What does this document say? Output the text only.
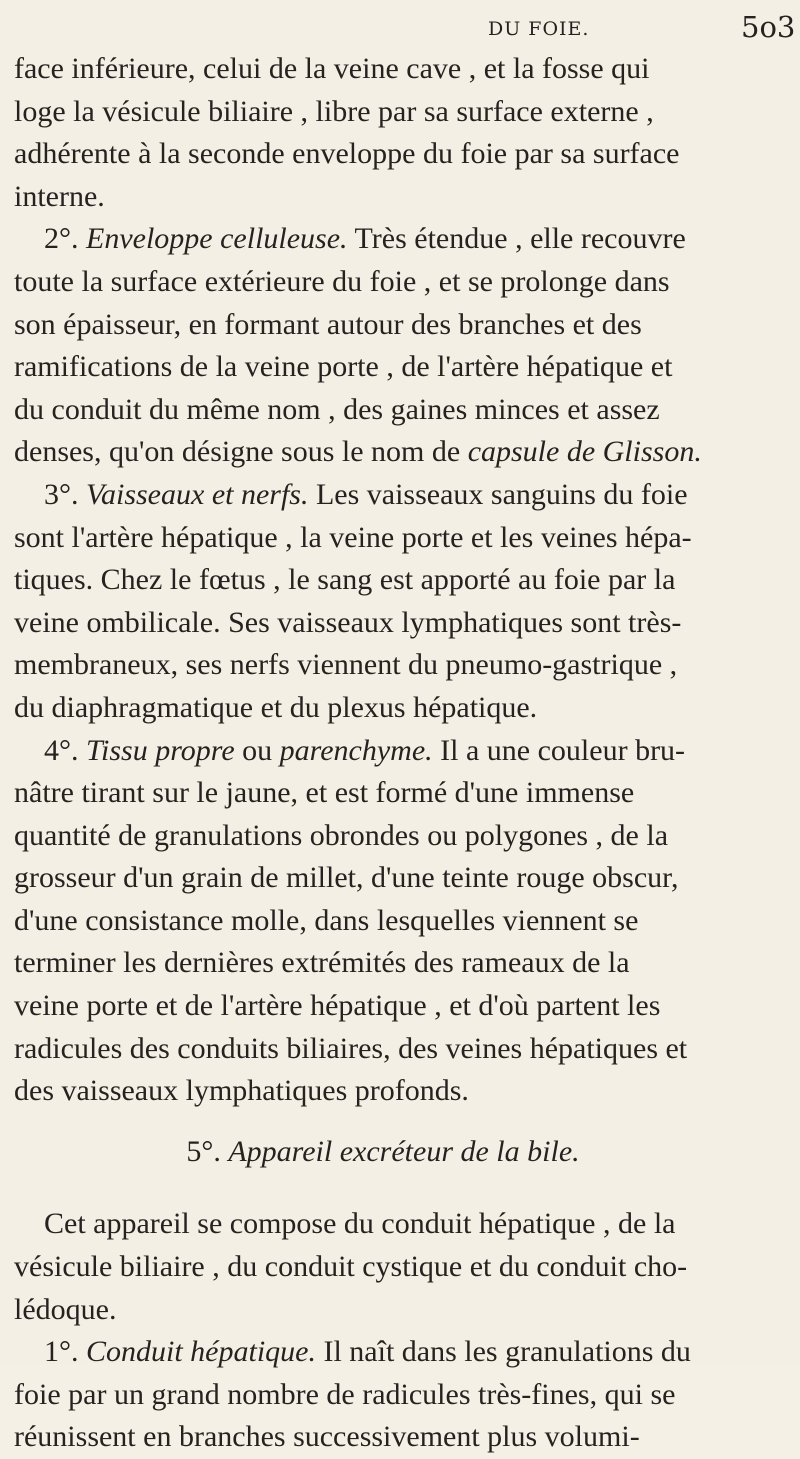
DU FOIE.	5o3
face inférieure, celui de la veine cave , et la fosse qui
loge la vésicule biliaire , libre par sa surface externe ,
adhérente à la seconde enveloppe du foie par sa surface
interne.
2°. Enveloppe celluleuse. Très étendue , elle recouvre
toute la surface extérieure du foie , et se prolonge dans
son épaisseur, en formant autour des branches et des
ramifications de la veine porte , de l'artère hépatique et
du conduit du même nom , des gaines minces et assez
denses, qu'on désigne sous le nom de capsule de Glisson.
3°. Vaisseaux et nerfs. Les vaisseaux sanguins du foie
sont l'artère hépatique , la veine porte et les veines hépa-
tiques. Chez le fœtus , le sang est apporté au foie par la
veine ombilicale. Ses vaisseaux lymphatiques sont très-
membraneux, ses nerfs viennent du pneumo-gastrique ,
du diaphragmatique et du plexus hépatique.
4°. Tissu propre ou parenchyme. Il a une couleur bru-
nâtre tirant sur le jaune, et est formé d'une immense
quantité de granulations obrondes ou polygones , de la
grosseur d'un grain de millet, d'une teinte rouge obscur,
d'une consistance molle, dans lesquelles viennent se
terminer les dernières extrémités des rameaux de la
veine porte et de l'artère hépatique , et d'où partent les
radicules des conduits biliaires, des veines hépatiques et
des vaisseaux lymphatiques profonds.
5°. Appareil excréteur de la bile.
Cet appareil se compose du conduit hépatique , de la
vésicule biliaire , du conduit cystique et du conduit cho-
lédoque.
1°. Conduit hépatique. Il naît dans les granulations du
foie par un grand nombre de radicules très-fines, qui se
réunissent en branches successivement plus volumi-
